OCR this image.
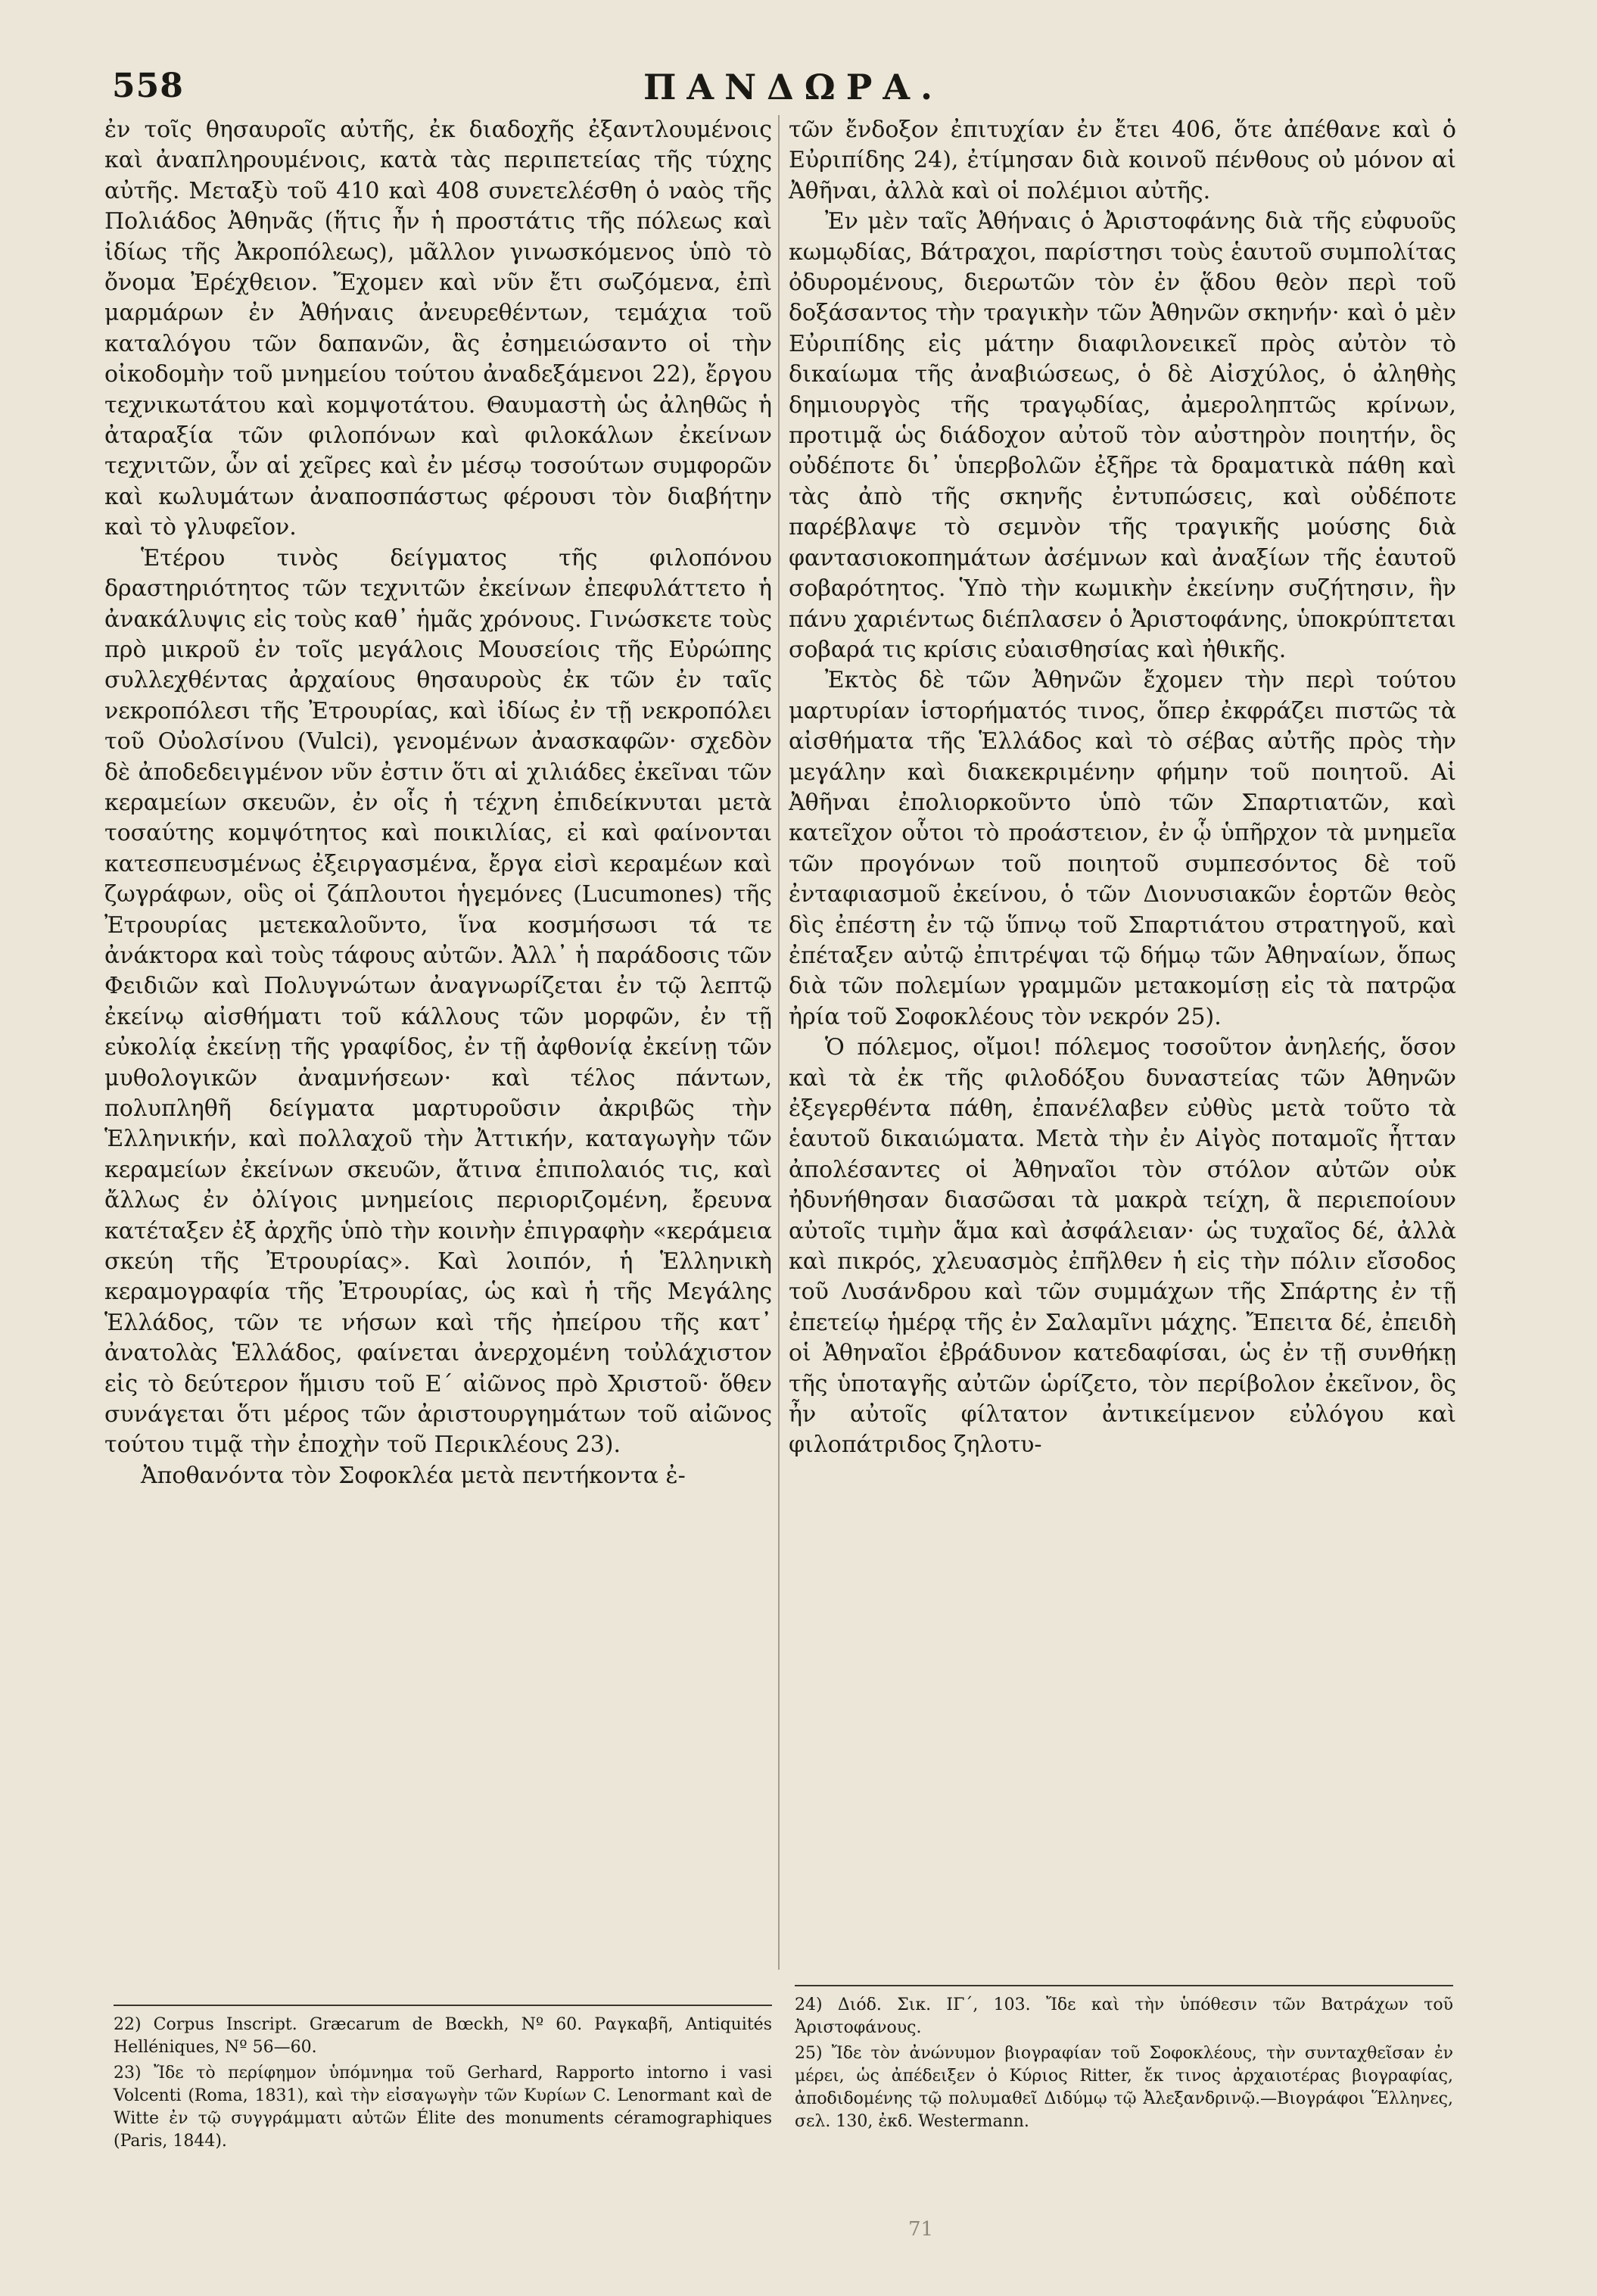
558	ΠΑΝΔΩΡΑ.

ἐν τοῖς θησαυροῖς αὐτῆς, ἐκ διαδοχῆς ἐξαντλουμένοις καὶ ἀναπληρουμένοις, κατὰ τὰς περιπετείας τῆς τύχης αὐτῆς. Μεταξὺ τοῦ 410 καὶ 408 συνετελέσθη ὁ ναὸς τῆς Πολιάδος Ἀθηνᾶς (ἥτις ἦν ἡ προστάτις τῆς πόλεως καὶ ἰδίως τῆς Ἀκροπόλεως), μᾶλλον γινωσκόμενος ὑπὸ τὸ ὄνομα Ἐρέχθειον. Ἔχομεν καὶ νῦν ἔτι σωζόμενα, ἐπὶ μαρμάρων ἐν Ἀθήναις ἀνευρεθέντων, τεμάχια τοῦ καταλόγου τῶν δαπανῶν, ἃς ἐσημειώσαντο οἱ τὴν οἰκοδομὴν τοῦ μνημείου τούτου ἀναδεξάμενοι 22), ἔργου τεχνικωτάτου καὶ κομψοτάτου. Θαυμαστὴ ὡς ἀληθῶς ἡ ἀταραξία τῶν φιλοπόνων καὶ φιλοκάλων ἐκείνων τεχνιτῶν, ὧν αἱ χεῖρες καὶ ἐν μέσῳ τοσούτων συμφορῶν καὶ κωλυμάτων ἀναποσπάστως φέρουσι τὸν διαβήτην καὶ τὸ γλυφεῖον.

Ἑτέρου τινὸς δείγματος τῆς φιλοπόνου δραστηριότητος τῶν τεχνιτῶν ἐκείνων ἐπεφυλάττετο ἡ ἀνακάλυψις εἰς τοὺς καθ᾽ ἡμᾶς χρόνους. Γινώσκετε τοὺς πρὸ μικροῦ ἐν τοῖς μεγάλοις Μουσείοις τῆς Εὐρώπης συλλεχθέντας ἀρχαίους θησαυροὺς ἐκ τῶν ἐν ταῖς νεκροπόλεσι τῆς Ἐτρουρίας, καὶ ἰδίως ἐν τῇ νεκροπόλει τοῦ Οὐολσίνου (Vulci), γενομένων ἀνασκαφῶν· σχεδὸν δὲ ἀποδεδειγμένον νῦν ἐστιν ὅτι αἱ χιλιάδες ἐκεῖναι τῶν κεραμείων σκευῶν, ἐν οἷς ἡ τέχνη ἐπιδείκνυται μετὰ τοσαύτης κομψότητος καὶ ποικιλίας, εἰ καὶ φαίνονται κατεσπευσμένως ἐξειργασμένα, ἔργα εἰσὶ κεραμέων καὶ ζωγράφων, οὓς οἱ ζάπλουτοι ἡγεμόνες (Lucumones) τῆς Ἐτρουρίας μετεκαλοῦντο, ἵνα κοσμήσωσι τά τε ἀνάκτορα καὶ τοὺς τάφους αὐτῶν. Ἀλλ᾽ ἡ παράδοσις τῶν Φειδιῶν καὶ Πολυγνώτων ἀναγνωρίζεται ἐν τῷ λεπτῷ ἐκείνῳ αἰσθήματι τοῦ κάλλους τῶν μορφῶν, ἐν τῇ εὐκολίᾳ ἐκείνῃ τῆς γραφίδος, ἐν τῇ ἀφθονίᾳ ἐκείνῃ τῶν μυθολογικῶν ἀναμνήσεων· καὶ τέλος πάντων, πολυπληθῆ δείγματα μαρτυροῦσιν ἀκριβῶς τὴν Ἑλληνικήν, καὶ πολλαχοῦ τὴν Ἀττικήν, καταγωγὴν τῶν κεραμείων ἐκείνων σκευῶν, ἅτινα ἐπιπολαιός τις, καὶ ἄλλως ἐν ὀλίγοις μνημείοις περιοριζομένη, ἔρευνα κατέταξεν ἐξ ἀρχῆς ὑπὸ τὴν κοινὴν ἐπιγραφὴν «κεράμεια σκεύη τῆς Ἐτρουρίας». Καὶ λοιπόν, ἡ Ἑλληνικὴ κεραμογραφία τῆς Ἐτρουρίας, ὡς καὶ ἡ τῆς Μεγάλης Ἑλλάδος, τῶν τε νήσων καὶ τῆς ἠπείρου τῆς κατ᾽ ἀνατολὰς Ἑλλάδος, φαίνεται ἀνερχομένη τοὐλάχιστον εἰς τὸ δεύτερον ἥμισυ τοῦ Ε´ αἰῶνος πρὸ Χριστοῦ· ὅθεν συνάγεται ὅτι μέρος τῶν ἀριστουργημάτων τοῦ αἰῶνος τούτου τιμᾷ τὴν ἐποχὴν τοῦ Περικλέους 23).

Ἀποθανόντα τὸν Σοφοκλέα μετὰ πεντήκοντα ἐ-

τῶν ἔνδοξον ἐπιτυχίαν ἐν ἔτει 406, ὅτε ἀπέθανε καὶ ὁ Εὐριπίδης 24), ἐτίμησαν διὰ κοινοῦ πένθους οὐ μόνον αἱ Ἀθῆναι, ἀλλὰ καὶ οἱ πολέμιοι αὐτῆς.

Ἐν μὲν ταῖς Ἀθήναις ὁ Ἀριστοφάνης διὰ τῆς εὐφυοῦς κωμῳδίας, Βάτραχοι, παρίστησι τοὺς ἑαυτοῦ συμπολίτας ὀδυρομένους, διερωτῶν τὸν ἐν ᾅδου θεὸν περὶ τοῦ δοξάσαντος τὴν τραγικὴν τῶν Ἀθηνῶν σκηνήν· καὶ ὁ μὲν Εὐριπίδης εἰς μάτην διαφιλονεικεῖ πρὸς αὐτὸν τὸ δικαίωμα τῆς ἀναβιώσεως, ὁ δὲ Αἰσχύλος, ὁ ἀληθὴς δημιουργὸς τῆς τραγῳδίας, ἀμεροληπτῶς κρίνων, προτιμᾷ ὡς διάδοχον αὐτοῦ τὸν αὐστηρὸν ποιητήν, ὃς οὐδέποτε δι᾽ ὑπερβολῶν ἐξῆρε τὰ δραματικὰ πάθη καὶ τὰς ἀπὸ τῆς σκηνῆς ἐντυπώσεις, καὶ οὐδέποτε παρέβλαψε τὸ σεμνὸν τῆς τραγικῆς μούσης διὰ φαντασιοκοπημάτων ἀσέμνων καὶ ἀναξίων τῆς ἑαυτοῦ σοβαρότητος. Ὑπὸ τὴν κωμικὴν ἐκείνην συζήτησιν, ἣν πάνυ χαριέντως διέπλασεν ὁ Ἀριστοφάνης, ὑποκρύπτεται σοβαρά τις κρίσις εὐαισθησίας καὶ ἠθικῆς.

Ἐκτὸς δὲ τῶν Ἀθηνῶν ἔχομεν τὴν περὶ τούτου μαρτυρίαν ἱστορήματός τινος, ὅπερ ἐκφράζει πιστῶς τὰ αἰσθήματα τῆς Ἑλλάδος καὶ τὸ σέβας αὐτῆς πρὸς τὴν μεγάλην καὶ διακεκριμένην φήμην τοῦ ποιητοῦ. Αἱ Ἀθῆναι ἐπολιορκοῦντο ὑπὸ τῶν Σπαρτιατῶν, καὶ κατεῖχον οὗτοι τὸ προάστειον, ἐν ᾧ ὑπῆρχον τὰ μνημεῖα τῶν προγόνων τοῦ ποιητοῦ συμπεσόντος δὲ τοῦ ἐνταφιασμοῦ ἐκείνου, ὁ τῶν Διονυσιακῶν ἑορτῶν θεὸς δὶς ἐπέστη ἐν τῷ ὕπνῳ τοῦ Σπαρτιάτου στρατηγοῦ, καὶ ἐπέταξεν αὐτῷ ἐπιτρέψαι τῷ δήμῳ τῶν Ἀθηναίων, ὅπως διὰ τῶν πολεμίων γραμμῶν μετακομίσῃ εἰς τὰ πατρῷα ἠρία τοῦ Σοφοκλέους τὸν νεκρόν 25).

Ὁ πόλεμος, οἴμοι! πόλεμος τοσοῦτον ἀνηλεής, ὅσον καὶ τὰ ἐκ τῆς φιλοδόξου δυναστείας τῶν Ἀθηνῶν ἐξεγερθέντα πάθη, ἐπανέλαβεν εὐθὺς μετὰ τοῦτο τὰ ἑαυτοῦ δικαιώματα. Μετὰ τὴν ἐν Αἰγὸς ποταμοῖς ἧτταν ἀπολέσαντες οἱ Ἀθηναῖοι τὸν στόλον αὐτῶν οὐκ ἠδυνήθησαν διασῶσαι τὰ μακρὰ τείχη, ἃ περιεποίουν αὐτοῖς τιμὴν ἅμα καὶ ἀσφάλειαν· ὡς τυχαῖος δέ, ἀλλὰ καὶ πικρός, χλευασμὸς ἐπῆλθεν ἡ εἰς τὴν πόλιν εἴσοδος τοῦ Λυσάνδρου καὶ τῶν συμμάχων τῆς Σπάρτης ἐν τῇ ἐπετείῳ ἡμέρᾳ τῆς ἐν Σαλαμῖνι μάχης. Ἔπειτα δέ, ἐπειδὴ οἱ Ἀθηναῖοι ἐβράδυνον κατεδαφίσαι, ὡς ἐν τῇ συνθήκῃ τῆς ὑποταγῆς αὐτῶν ὡρίζετο, τὸν περίβολον ἐκεῖνον, ὃς ἦν αὐτοῖς φίλτατον ἀντικείμενον εὐλόγου καὶ φιλοπάτριδος ζηλοτυ-

22) Corpus Inscript. Græcarum de Bœckh, Nº 60. Ραγκαβῆ, Antiquités Helléniques, Nº 56—60.

23) Ἴδε τὸ περίφημον ὑπόμνημα τοῦ Gerhard, Rapporto intorno i vasi Volcenti (Roma, 1831), καὶ τὴν εἰσαγωγὴν τῶν Κυρίων C. Lenormant καὶ de Witte ἐν τῷ συγγράμματι αὐτῶν Élite des monuments céramographiques (Paris, 1844).

24) Διόδ. Σικ. ΙΓ´, 103. Ἴδε καὶ τὴν ὑπόθεσιν τῶν Βατράχων τοῦ Ἀριστοφάνους.

25) Ἴδε τὸν ἀνώνυμον βιογραφίαν τοῦ Σοφοκλέους, τὴν συνταχθεῖσαν ἐν μέρει, ὡς ἀπέδειξεν ὁ Κύριος Ritter, ἔκ τινος ἀρχαιοτέρας βιογραφίας, ἀποδιδομένης τῷ πολυμαθεῖ Διδύμῳ τῷ Ἀλεξανδρινῷ.—Βιογράφοι Ἕλληνες, σελ. 130, ἐκδ. Westermann.

71
